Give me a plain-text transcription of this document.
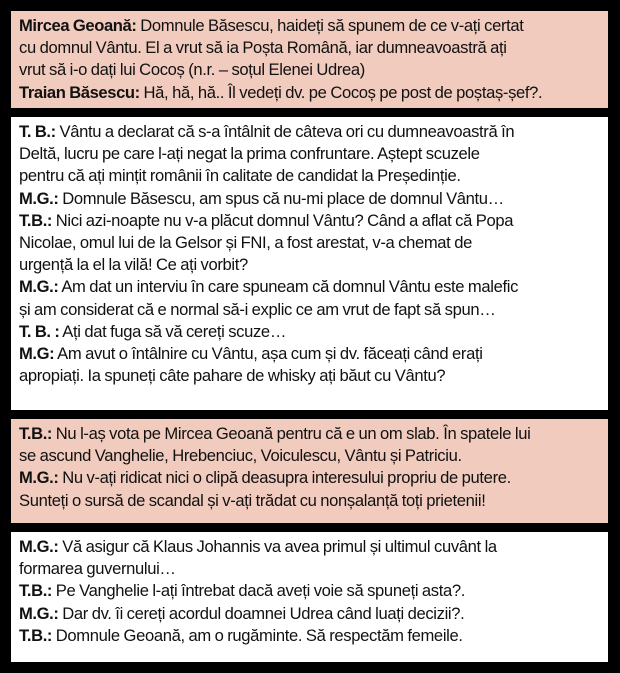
Mircea Geoană: Domnule Băsescu, haideți să spunem de ce v-ați certat
cu domnul Vântu. El a vrut să ia Poșta Română, iar dumneavoastră ați
vrut să i-o dați lui Cocoș (n.r. – soțul Elenei Udrea)
Traian Băsescu: Hă, hă, hă.. Îl vedeți dv. pe Cocoș pe post de poștaș-șef?.
T. B.: Vântu a declarat că s-a întâlnit de câteva ori cu dumneavoastră în
Deltă, lucru pe care l-ați negat la prima confruntare. Aștept scuzele
pentru că ați mințit românii în calitate de candidat la Președinție.
M.G.: Domnule Băsescu, am spus că nu-mi place de domnul Vântu…
T.B.: Nici azi-noapte nu v-a plăcut domnul Vântu? Când a aflat că Popa
Nicolae, omul lui de la Gelsor și FNI, a fost arestat, v-a chemat de
urgență la el la vilă! Ce ați vorbit?
M.G.: Am dat un interviu în care spuneam că domnul Vântu este malefic
și am considerat că e normal să-i explic ce am vrut de fapt să spun…
T. B. : Ați dat fuga să vă cereți scuze…
M.G: Am avut o întâlnire cu Vântu, așa cum și dv. făceați când erați
apropiați. Ia spuneți câte pahare de whisky ați băut cu Vântu?
T.B.: Nu l-aș vota pe Mircea Geoană pentru că e un om slab. În spatele lui
se ascund Vanghelie, Hrebenciuc, Voiculescu, Vântu și Patriciu.
M.G.: Nu v-ați ridicat nici o clipă deasupra interesului propriu de putere.
Sunteți o sursă de scandal și v-ați trădat cu nonșalanță toți prietenii!
M.G.: Vă asigur că Klaus Johannis va avea primul și ultimul cuvânt la
formarea guvernului…
T.B.: Pe Vanghelie l-ați întrebat dacă aveți voie să spuneți asta?.
M.G.: Dar dv. îi cereți acordul doamnei Udrea când luați decizii?.
T.B.: Domnule Geoană, am o rugăminte. Să respectăm femeile.
